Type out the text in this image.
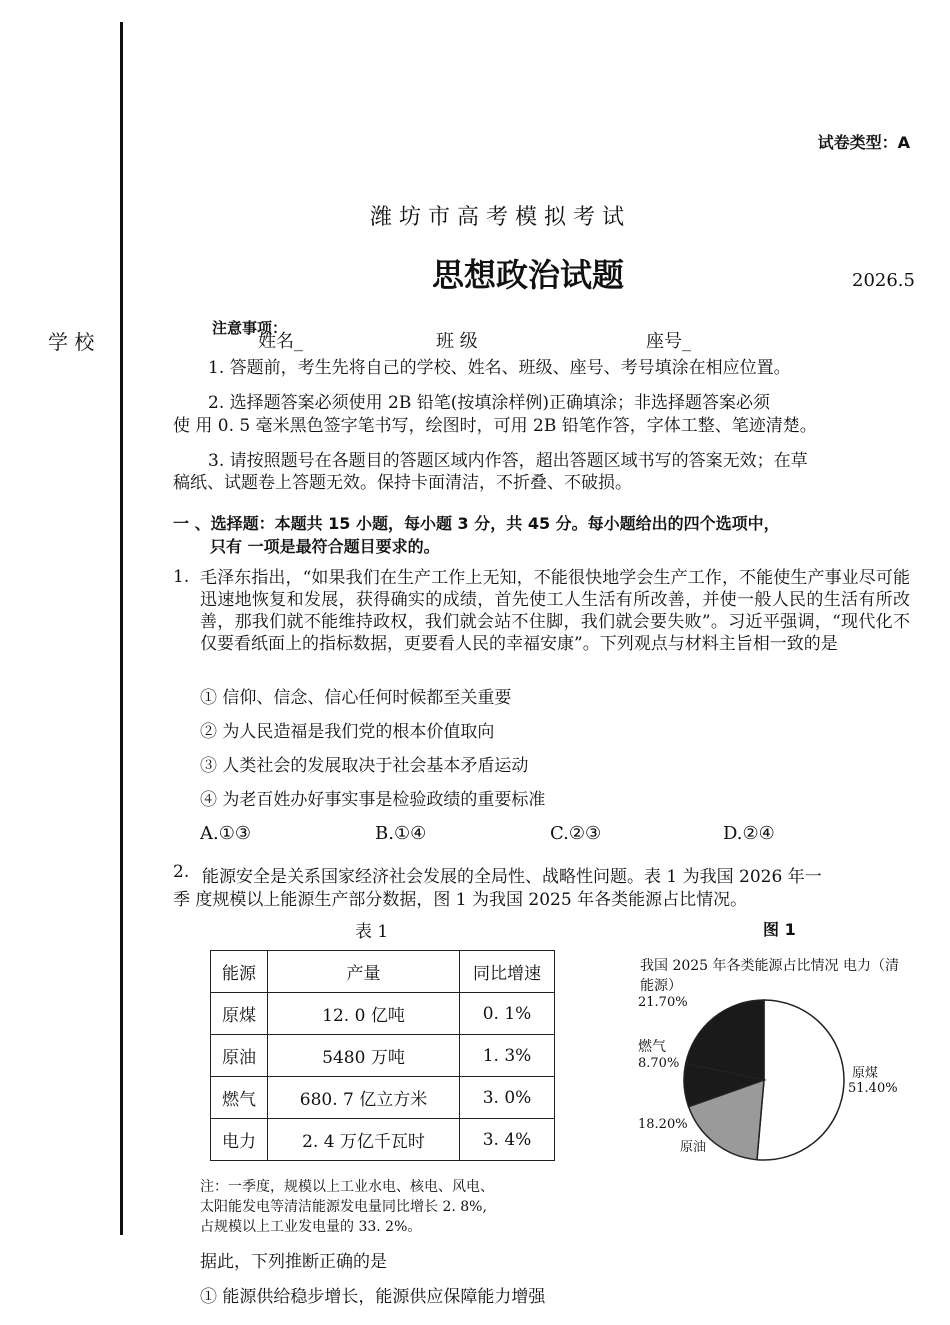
学 校
试卷类型：A
潍 坊 市 高 考 模 拟 考 试
思想政治试题	2026.5
注意事项：
姓名_	班 级	座号_
1. 答题前，考生先将自己的学校、姓名、班级、座号、考号填涂在相应位置。
2. 选择题答案必须使用 2B 铅笔(按填涂样例)正确填涂；非选择题答案必须
使 用 0. 5 毫米黑色签字笔书写，绘图时，可用 2B 铅笔作答，字体工整、笔迹清楚。
3. 请按照题号在各题目的答题区域内作答，超出答题区域书写的答案无效；在草
稿纸、试题卷上答题无效。保持卡面清洁，不折叠、不破损。
一 、选择题：本题共 15 小题，每小题 3 分，共 45 分。每小题给出的四个选项中，
只有 一项是最符合题目要求的。
1. 毛泽东指出，“如果我们在生产工作上无知，不能很快地学会生产工作，不能使生产事业尽可能迅速地恢复和发展，获得确实的成绩，首先使工人生活有所改善，并使一般人民的生活有所改善，那我们就不能维持政权，我们就会站不住脚，我们就会要失败”。习近平强调，“现代化不仅要看纸面上的指标数据，更要看人民的幸福安康”。下列观点与材料主旨相一致的是
① 信仰、信念、信心任何时候都至关重要
② 为人民造福是我们党的根本价值取向
③ 人类社会的发展取决于社会基本矛盾运动
④ 为老百姓办好事实事是检验政绩的重要标准
A.①③	B.①④	C.②③	D.②④
2. 能源安全是关系国家经济社会发展的全局性、战略性问题。表 1 为我国 2026 年一
季 度规模以上能源生产部分数据，图 1 为我国 2025 年各类能源占比情况。
表 1	图 1
能源	产量	同比增速
原煤	12. 0 亿吨	0. 1%
原油	5480 万吨	1. 3%
燃气	680. 7 亿立方米	3. 0%
电力	2. 4 万亿千瓦时	3. 4%
注：一季度，规模以上工业水电、核电、风电、
太阳能发电等清洁能源发电量同比增长 2. 8%,
占规模以上工业发电量的 33. 2%。
据此，下列推断正确的是
① 能源供给稳步增长，能源供应保障能力增强
我国 2025 年各类能源占比情况 电力（清
能源）
21.70%
燃气
8.70%
18.20%
原油
原煤
51.40%
